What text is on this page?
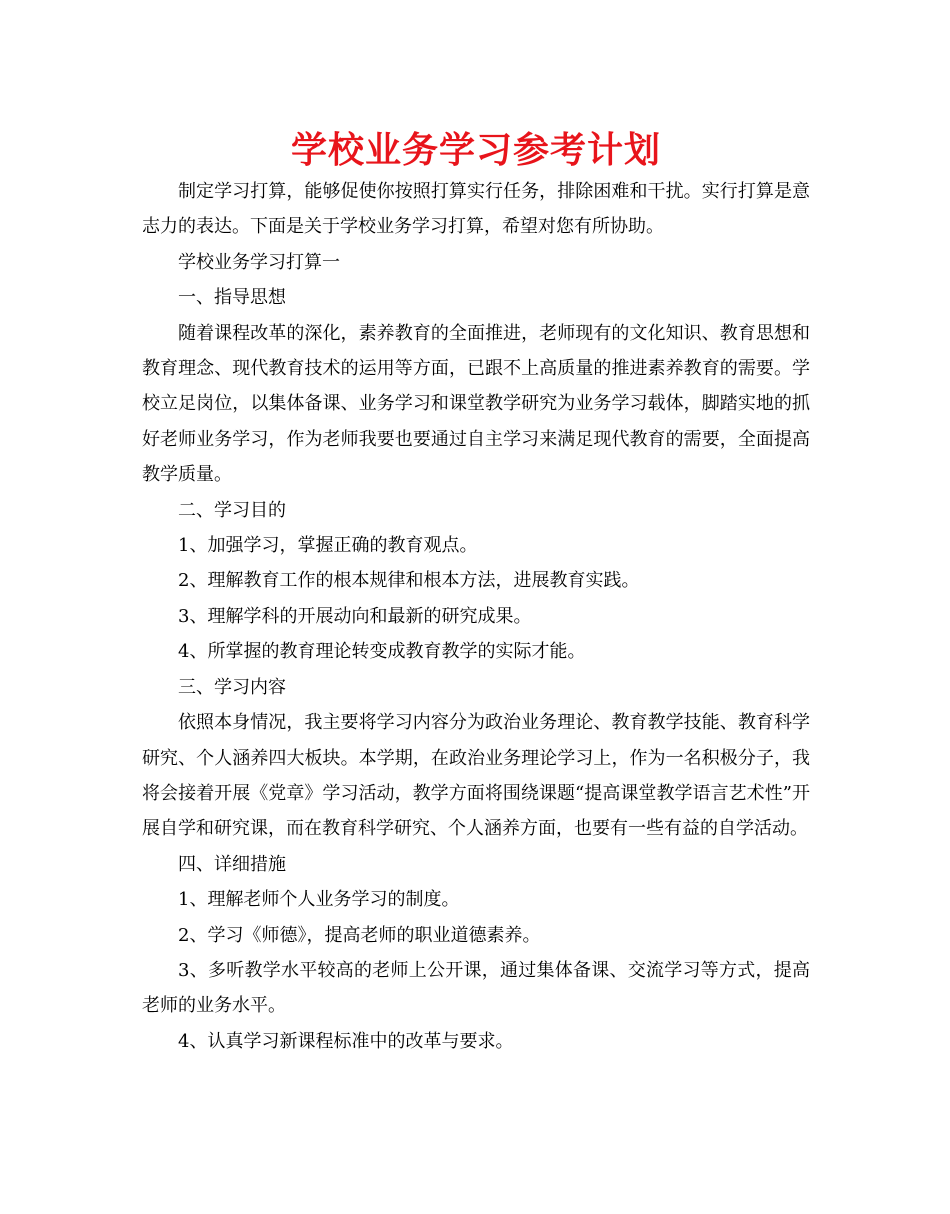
学校业务学习参考计划

制定学习打算，能够促使你按照打算实行任务，排除困难和干扰。实行打算是意志力的表达。下面是关于学校业务学习打算，希望对您有所协助。

学校业务学习打算一

一、指导思想

随着课程改革的深化，素养教育的全面推进，老师现有的文化知识、教育思想和教育理念、现代教育技术的运用等方面，已跟不上高质量的推进素养教育的需要。学校立足岗位，以集体备课、业务学习和课堂教学研究为业务学习载体，脚踏实地的抓好老师业务学习，作为老师我要也要通过自主学习来满足现代教育的需要，全面提高教学质量。

二、学习目的

1、加强学习，掌握正确的教育观点。

2、理解教育工作的根本规律和根本方法，进展教育实践。

3、理解学科的开展动向和最新的研究成果。

4、所掌握的教育理论转变成教育教学的实际才能。

三、学习内容

依照本身情况，我主要将学习内容分为政治业务理论、教育教学技能、教育科学研究、个人涵养四大板块。本学期，在政治业务理论学习上，作为一名积极分子，我将会接着开展《党章》学习活动，教学方面将围绕课题“提高课堂教学语言艺术性”开展自学和研究课，而在教育科学研究、个人涵养方面，也要有一些有益的自学活动。

四、详细措施

1、理解老师个人业务学习的制度。

2、学习《师德》，提高老师的职业道德素养。

3、多听教学水平较高的老师上公开课，通过集体备课、交流学习等方式，提高老师的业务水平。

4、认真学习新课程标准中的改革与要求。
